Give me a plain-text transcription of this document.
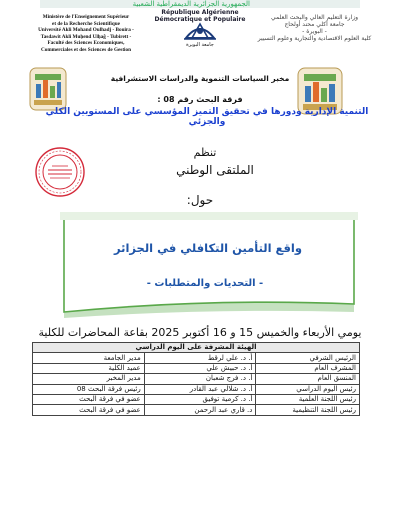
الجمهورية الجزائرية الديمقراطية الشعبية
République Algérienne Démocratique et Populaire
Ministère de l'Enseignement Supérieur
et de la Recherche Scientifique
Université Akli Mohand Oulhadj - Bouira -
Tasdawit Akli Muḥend Ulḥağ - Tubirett -
Faculté des Sciences Economiques,
Commerciales et des Sciences de Gestion
وزارة التعليم العالي والبحث العلمي
جامعة أكلي محند أولحاج
- البويرة -
كلية العلوم الاقتصادية والتجارية وعلوم التسيير
جامعة البويرة
مخبر السياسات التنموية والدراسات الاستشرافية
فرقة البحث رقم 08 :
التنمية الإدارية ودورها في تحقيق التميز المؤسسي على المستويين الكلي والجزئي
تنظم
الملتقى الوطني
حول:
واقع التأمين التكافلي في الجزائر
- التحديات والمتطلبات -
يومي الأربعاء والخميس 15 و 16 أكتوبر 2025 بقاعة المحاضرات للكلية
الهيئة المشرفة على اليوم الدراسي		
الرئيس الشرفي	أ. د. علي لرقط	مدير الجامعة
المشرف العام	أ. د. حبيش علي	عميد الكلية
المنسق العام	أ. د. فرج شعبان	مدير المخبر
رئيس اليوم الدراسي	أ. د. شلالي عبد القادر	رئيس فرقة البحث 08
رئيس اللجنة العلمية	أ. د. كرمية توفيق	عضو في فرقة البحث
رئيس اللجنة التنظيمية	د. قاري عبد الرحمن	عضو في فرقة البحث
